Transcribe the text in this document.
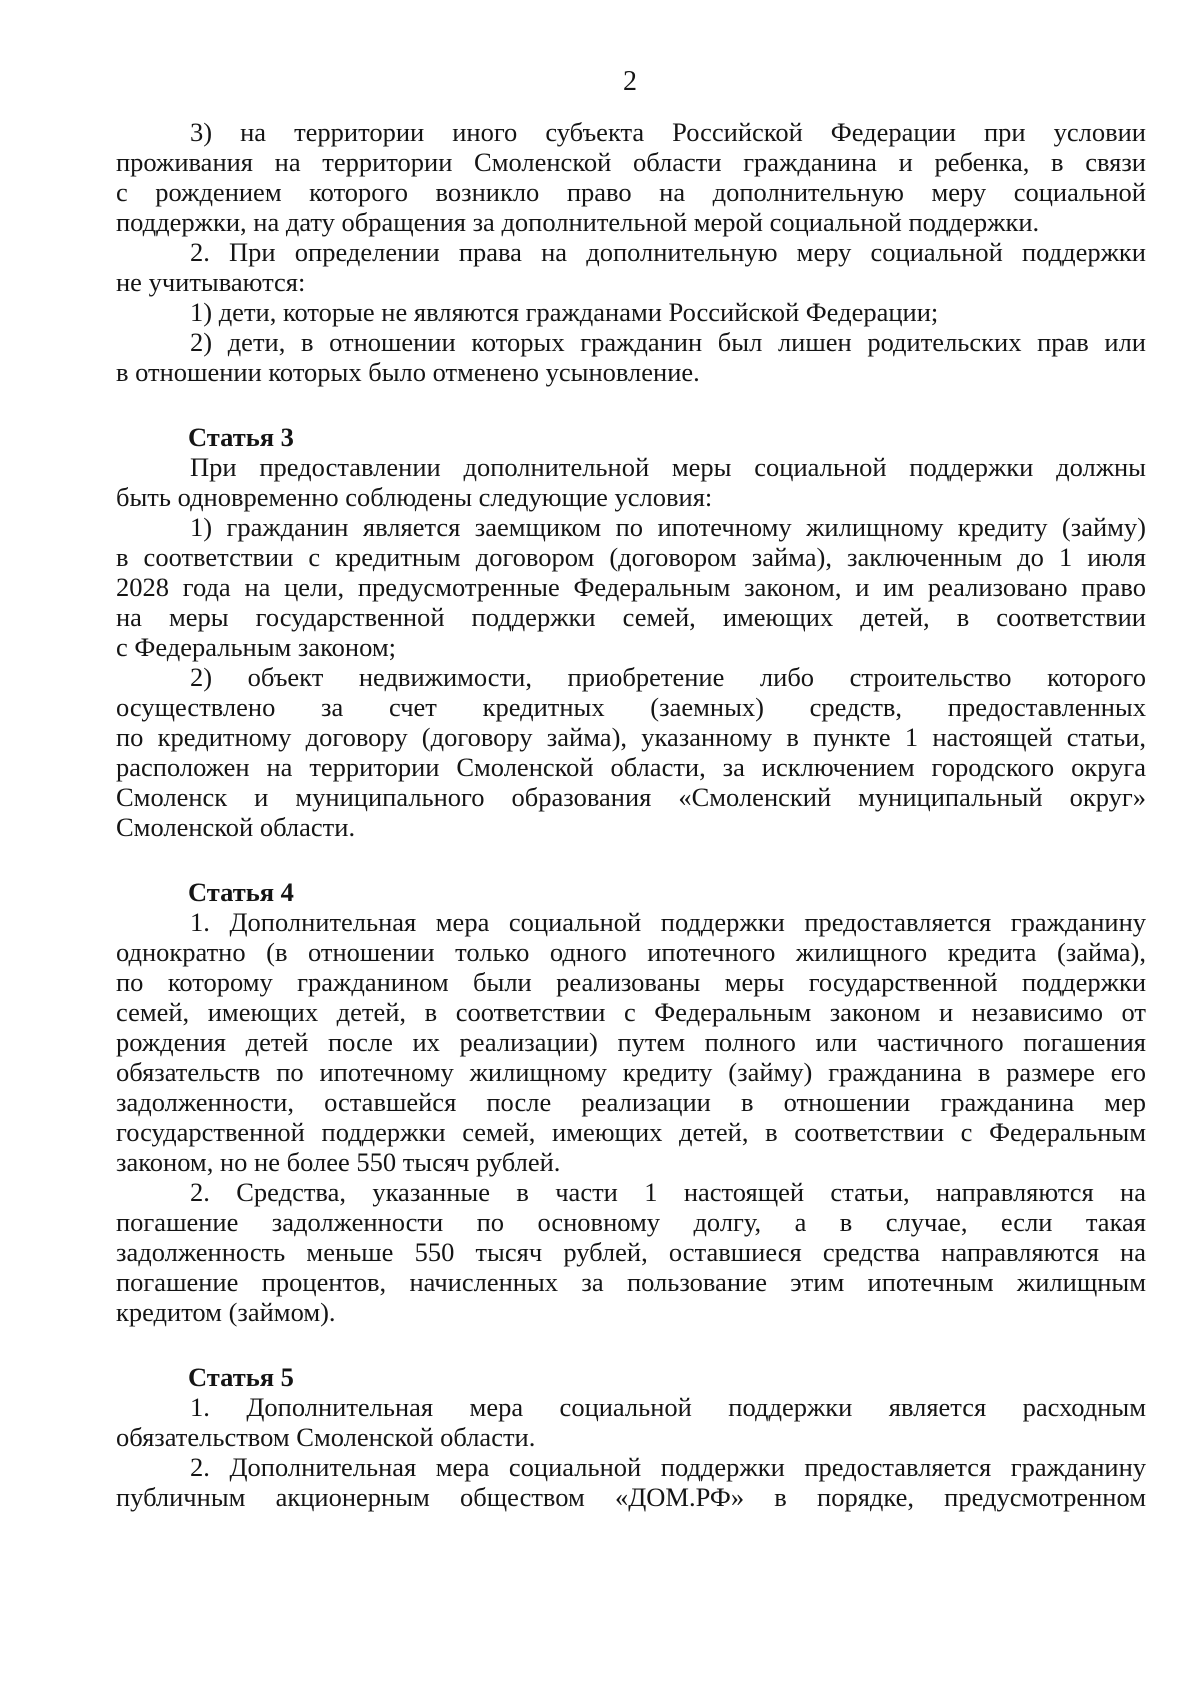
2
3) на территории иного субъекта Российской Федерации при условии
проживания на территории Смоленской области гражданина и ребенка, в связи
с рождением которого возникло право на дополнительную меру социальной
поддержки, на дату обращения за дополнительной мерой социальной поддержки.
2. При определении права на дополнительную меру социальной поддержки
не учитываются:
1) дети, которые не являются гражданами Российской Федерации;
2) дети, в отношении которых гражданин был лишен родительских прав или
в отношении которых было отменено усыновление.
Статья 3
При предоставлении дополнительной меры социальной поддержки должны
быть одновременно соблюдены следующие условия:
1) гражданин является заемщиком по ипотечному жилищному кредиту (займу)
в соответствии с кредитным договором (договором займа), заключенным до 1 июля
2028 года на цели, предусмотренные Федеральным законом, и им реализовано право
на меры государственной поддержки семей, имеющих детей, в соответствии
с Федеральным законом;
2) объект недвижимости, приобретение либо строительство которого
осуществлено за счет кредитных (заемных) средств, предоставленных
по кредитному договору (договору займа), указанному в пункте 1 настоящей статьи,
расположен на территории Смоленской области, за исключением городского округа
Смоленск и муниципального образования «Смоленский муниципальный округ»
Смоленской области.
Статья 4
1. Дополнительная мера социальной поддержки предоставляется гражданину
однократно (в отношении только одного ипотечного жилищного кредита (займа),
по которому гражданином были реализованы меры государственной поддержки
семей, имеющих детей, в соответствии с Федеральным законом и независимо от
рождения детей после их реализации) путем полного или частичного погашения
обязательств по ипотечному жилищному кредиту (займу) гражданина в размере его
задолженности, оставшейся после реализации в отношении гражданина мер
государственной поддержки семей, имеющих детей, в соответствии с Федеральным
законом, но не более 550 тысяч рублей.
2. Средства, указанные в части 1 настоящей статьи, направляются на
погашение задолженности по основному долгу, а в случае, если такая
задолженность меньше 550 тысяч рублей, оставшиеся средства направляются на
погашение процентов, начисленных за пользование этим ипотечным жилищным
кредитом (займом).
Статья 5
1. Дополнительная мера социальной поддержки является расходным
обязательством Смоленской области.
2. Дополнительная мера социальной поддержки предоставляется гражданину
публичным акционерным обществом «ДОМ.РФ» в порядке, предусмотренном
